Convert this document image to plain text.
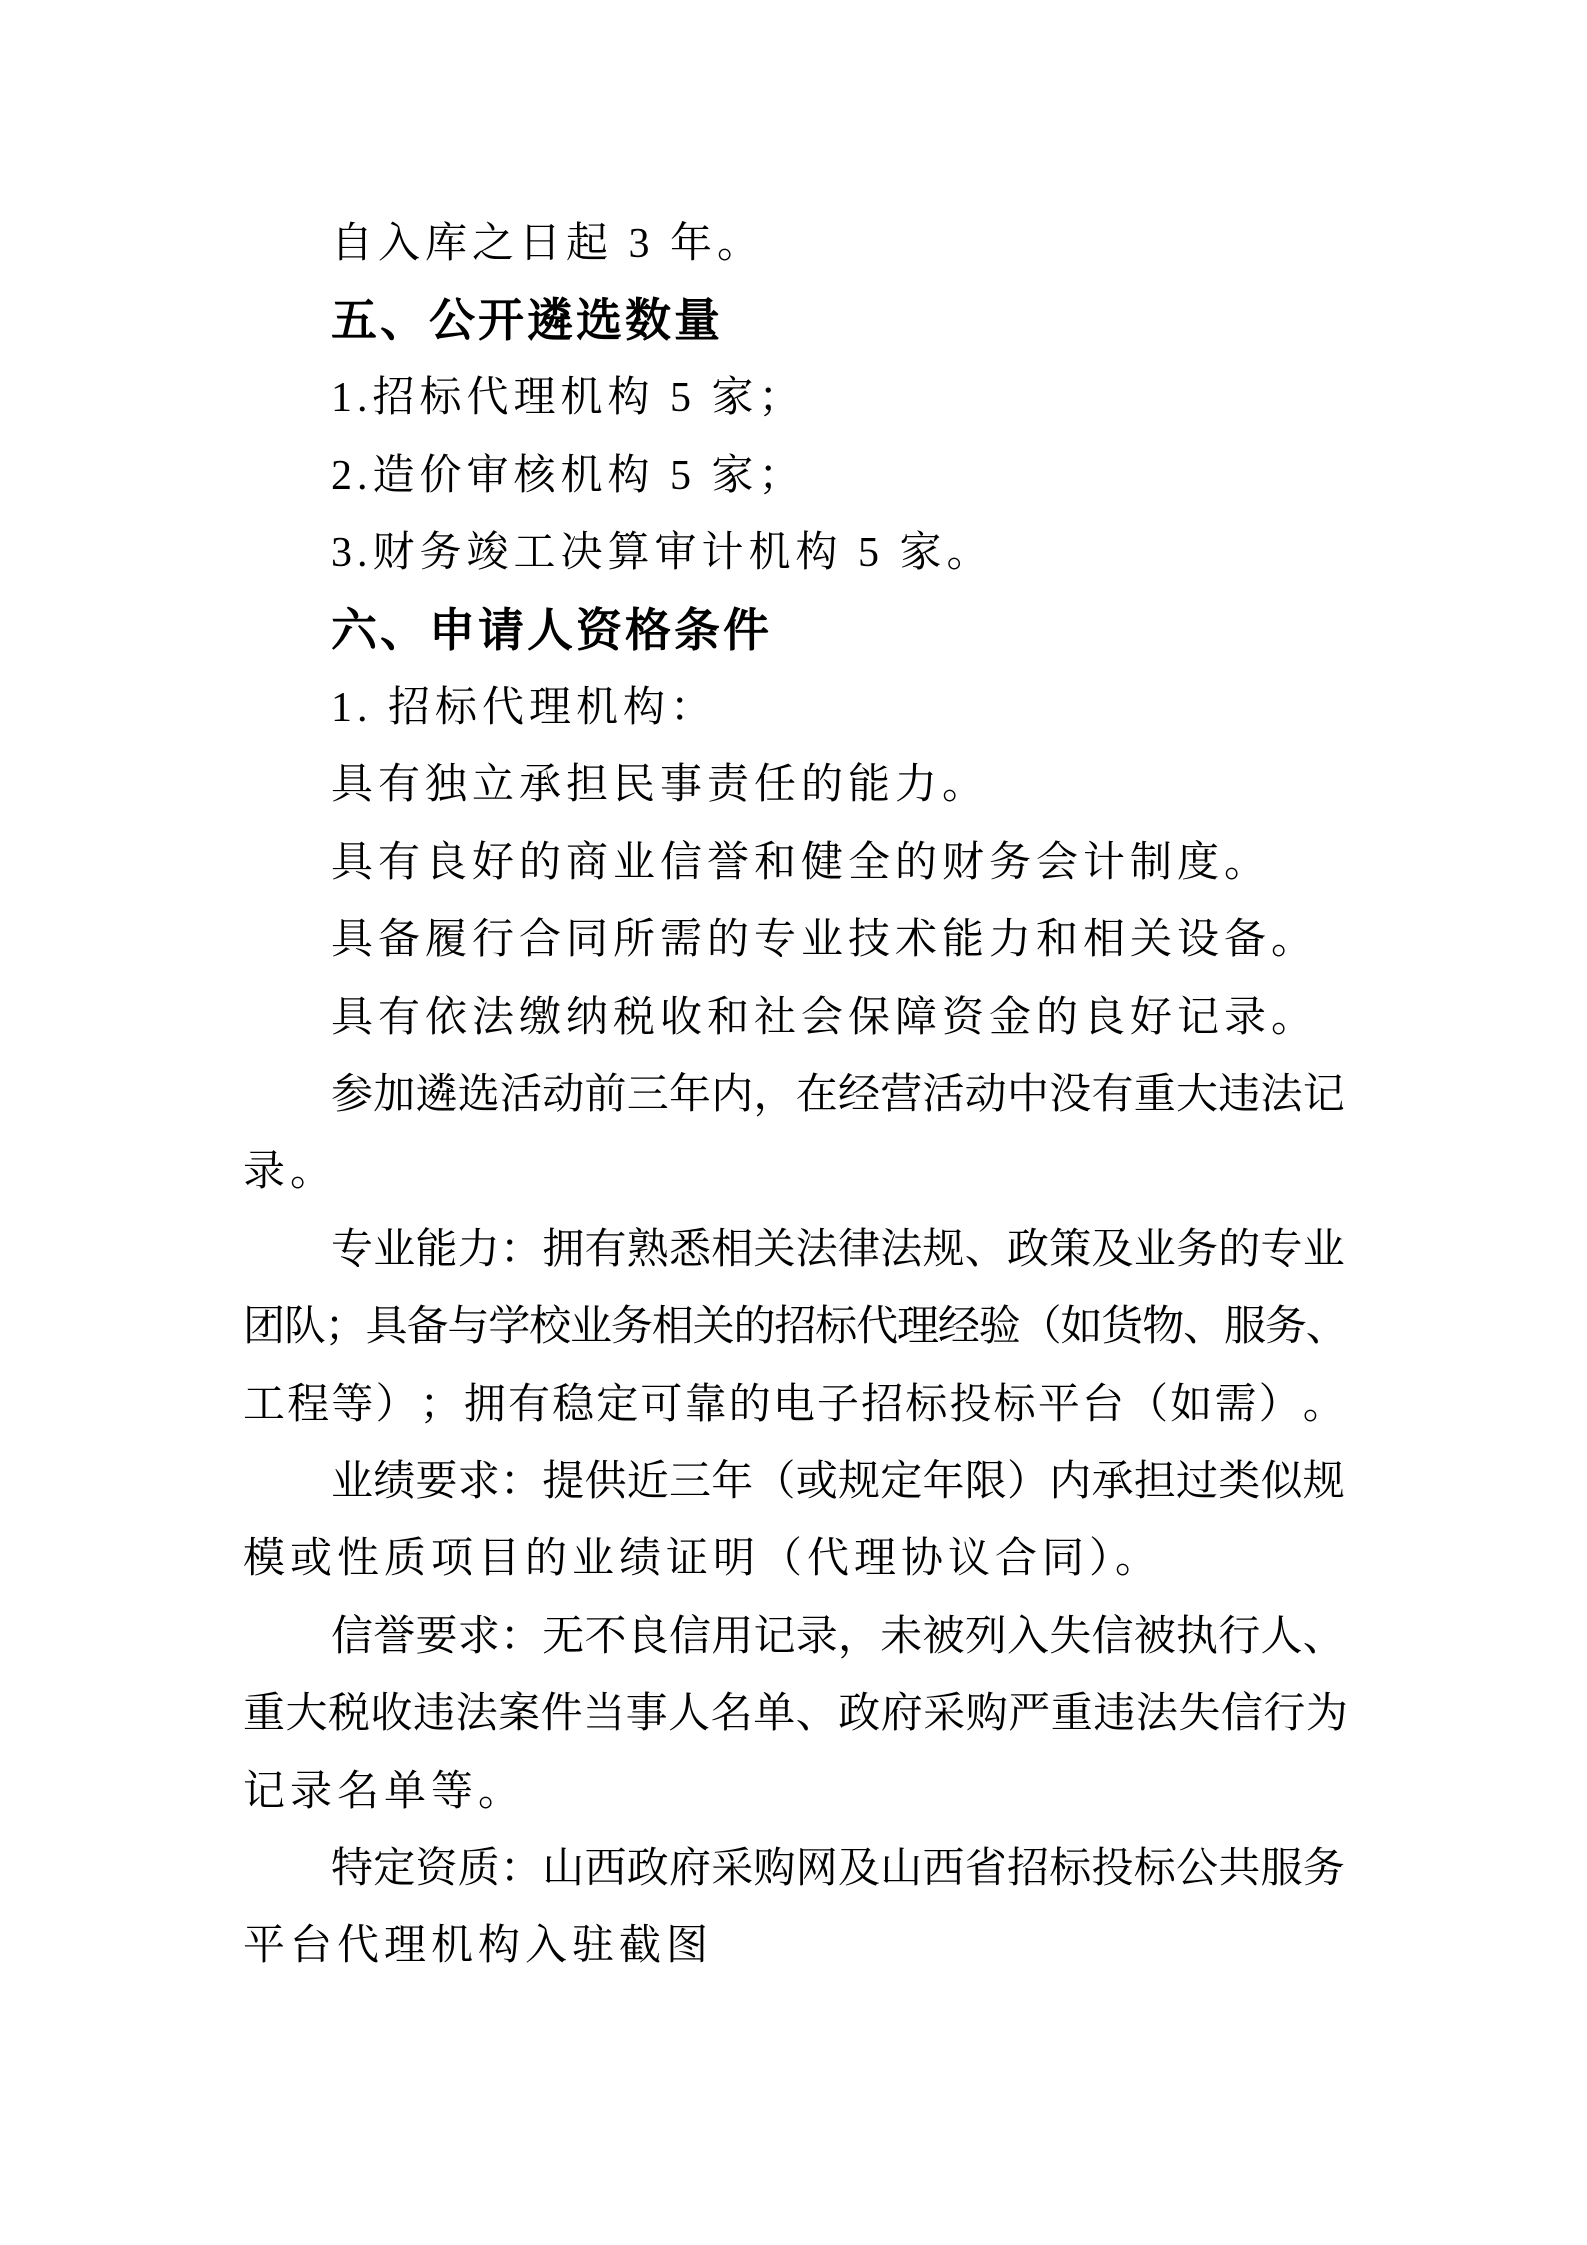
自入库之日起 3 年。
五、公开遴选数量
1.招标代理机构 5 家；
2.造价审核机构 5 家；
3.财务竣工决算审计机构 5 家。
六、申请人资格条件
1. 招标代理机构：
具有独立承担民事责任的能力。
具有良好的商业信誉和健全的财务会计制度。
具备履行合同所需的专业技术能力和相关设备。
具有依法缴纳税收和社会保障资金的良好记录。
参 加 遴 选 活 动 前 三 年 内 ， 在 经 营 活 动 中 没 有 重 大 违 法 记
录。
专 业 能 力 ： 拥 有 熟 悉 相 关 法 律 法 规 、 政 策 及 业 务 的 专 业
团 队 ； 具 备 与 学 校 业 务 相 关 的 招 标 代 理 经 验 （ 如 货 物 、 服 务 、
工 程 等 ） ； 拥 有 稳 定 可 靠 的 电 子 招 标 投 标 平 台 （ 如 需 ） 。
业 绩 要 求 ： 提 供 近 三 年 （ 或 规 定 年 限 ） 内 承 担 过 类 似 规
模或性质项目的业绩证明（代理协议合同）。
信 誉 要 求 ： 无 不 良 信 用 记 录 ， 未 被 列 入 失 信 被 执 行 人 、
重 大 税 收 违 法 案 件 当 事 人 名 单 、 政 府 采 购 严 重 违 法 失 信 行 为
记录名单等。
特 定 资 质 ： 山 西 政 府 采 购 网 及 山 西 省 招 标 投 标 公 共 服 务
平台代理机构入驻截图
